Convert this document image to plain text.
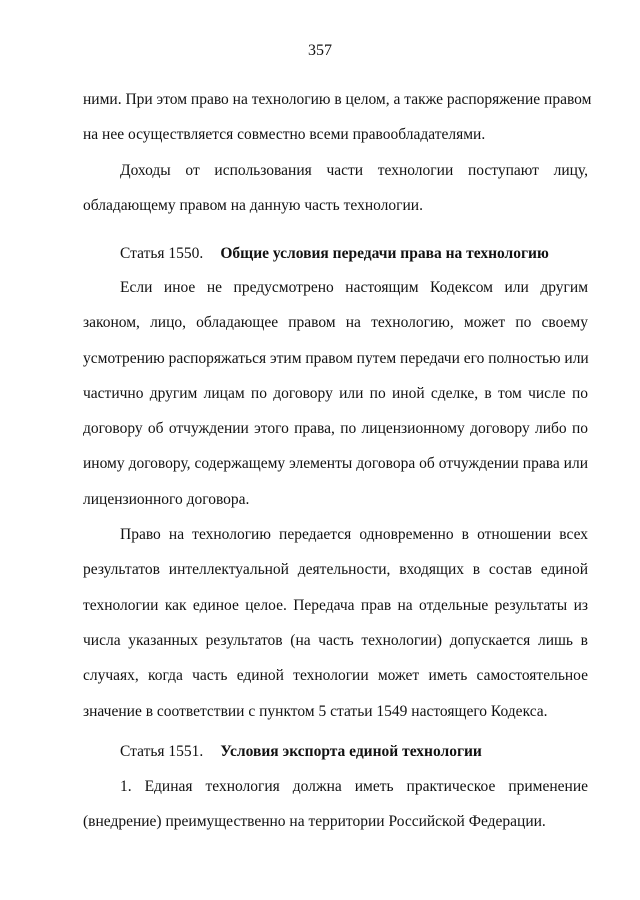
357
ними. При этом право на технологию в целом, а также распоряжение правом
на нее осуществляется совместно всеми правообладателями.
Доходы от использования части технологии поступают лицу,
обладающему правом на данную часть технологии.
Статья 1550. Общие условия передачи права на технологию
Если иное не предусмотрено настоящим Кодексом или другим
законом, лицо, обладающее правом на технологию, может по своему
усмотрению распоряжаться этим правом путем передачи его полностью или
частично другим лицам по договору или по иной сделке, в том числе по
договору об отчуждении этого права, по лицензионному договору либо по
иному договору, содержащему элементы договора об отчуждении права или
лицензионного договора.
Право на технологию передается одновременно в отношении всех
результатов интеллектуальной деятельности, входящих в состав единой
технологии как единое целое. Передача прав на отдельные результаты из
числа указанных результатов (на часть технологии) допускается лишь в
случаях, когда часть единой технологии может иметь самостоятельное
значение в соответствии с пунктом 5 статьи 1549 настоящего Кодекса.
Статья 1551. Условия экспорта единой технологии
1. Единая технология должна иметь практическое применение
(внедрение) преимущественно на территории Российской Федерации.
